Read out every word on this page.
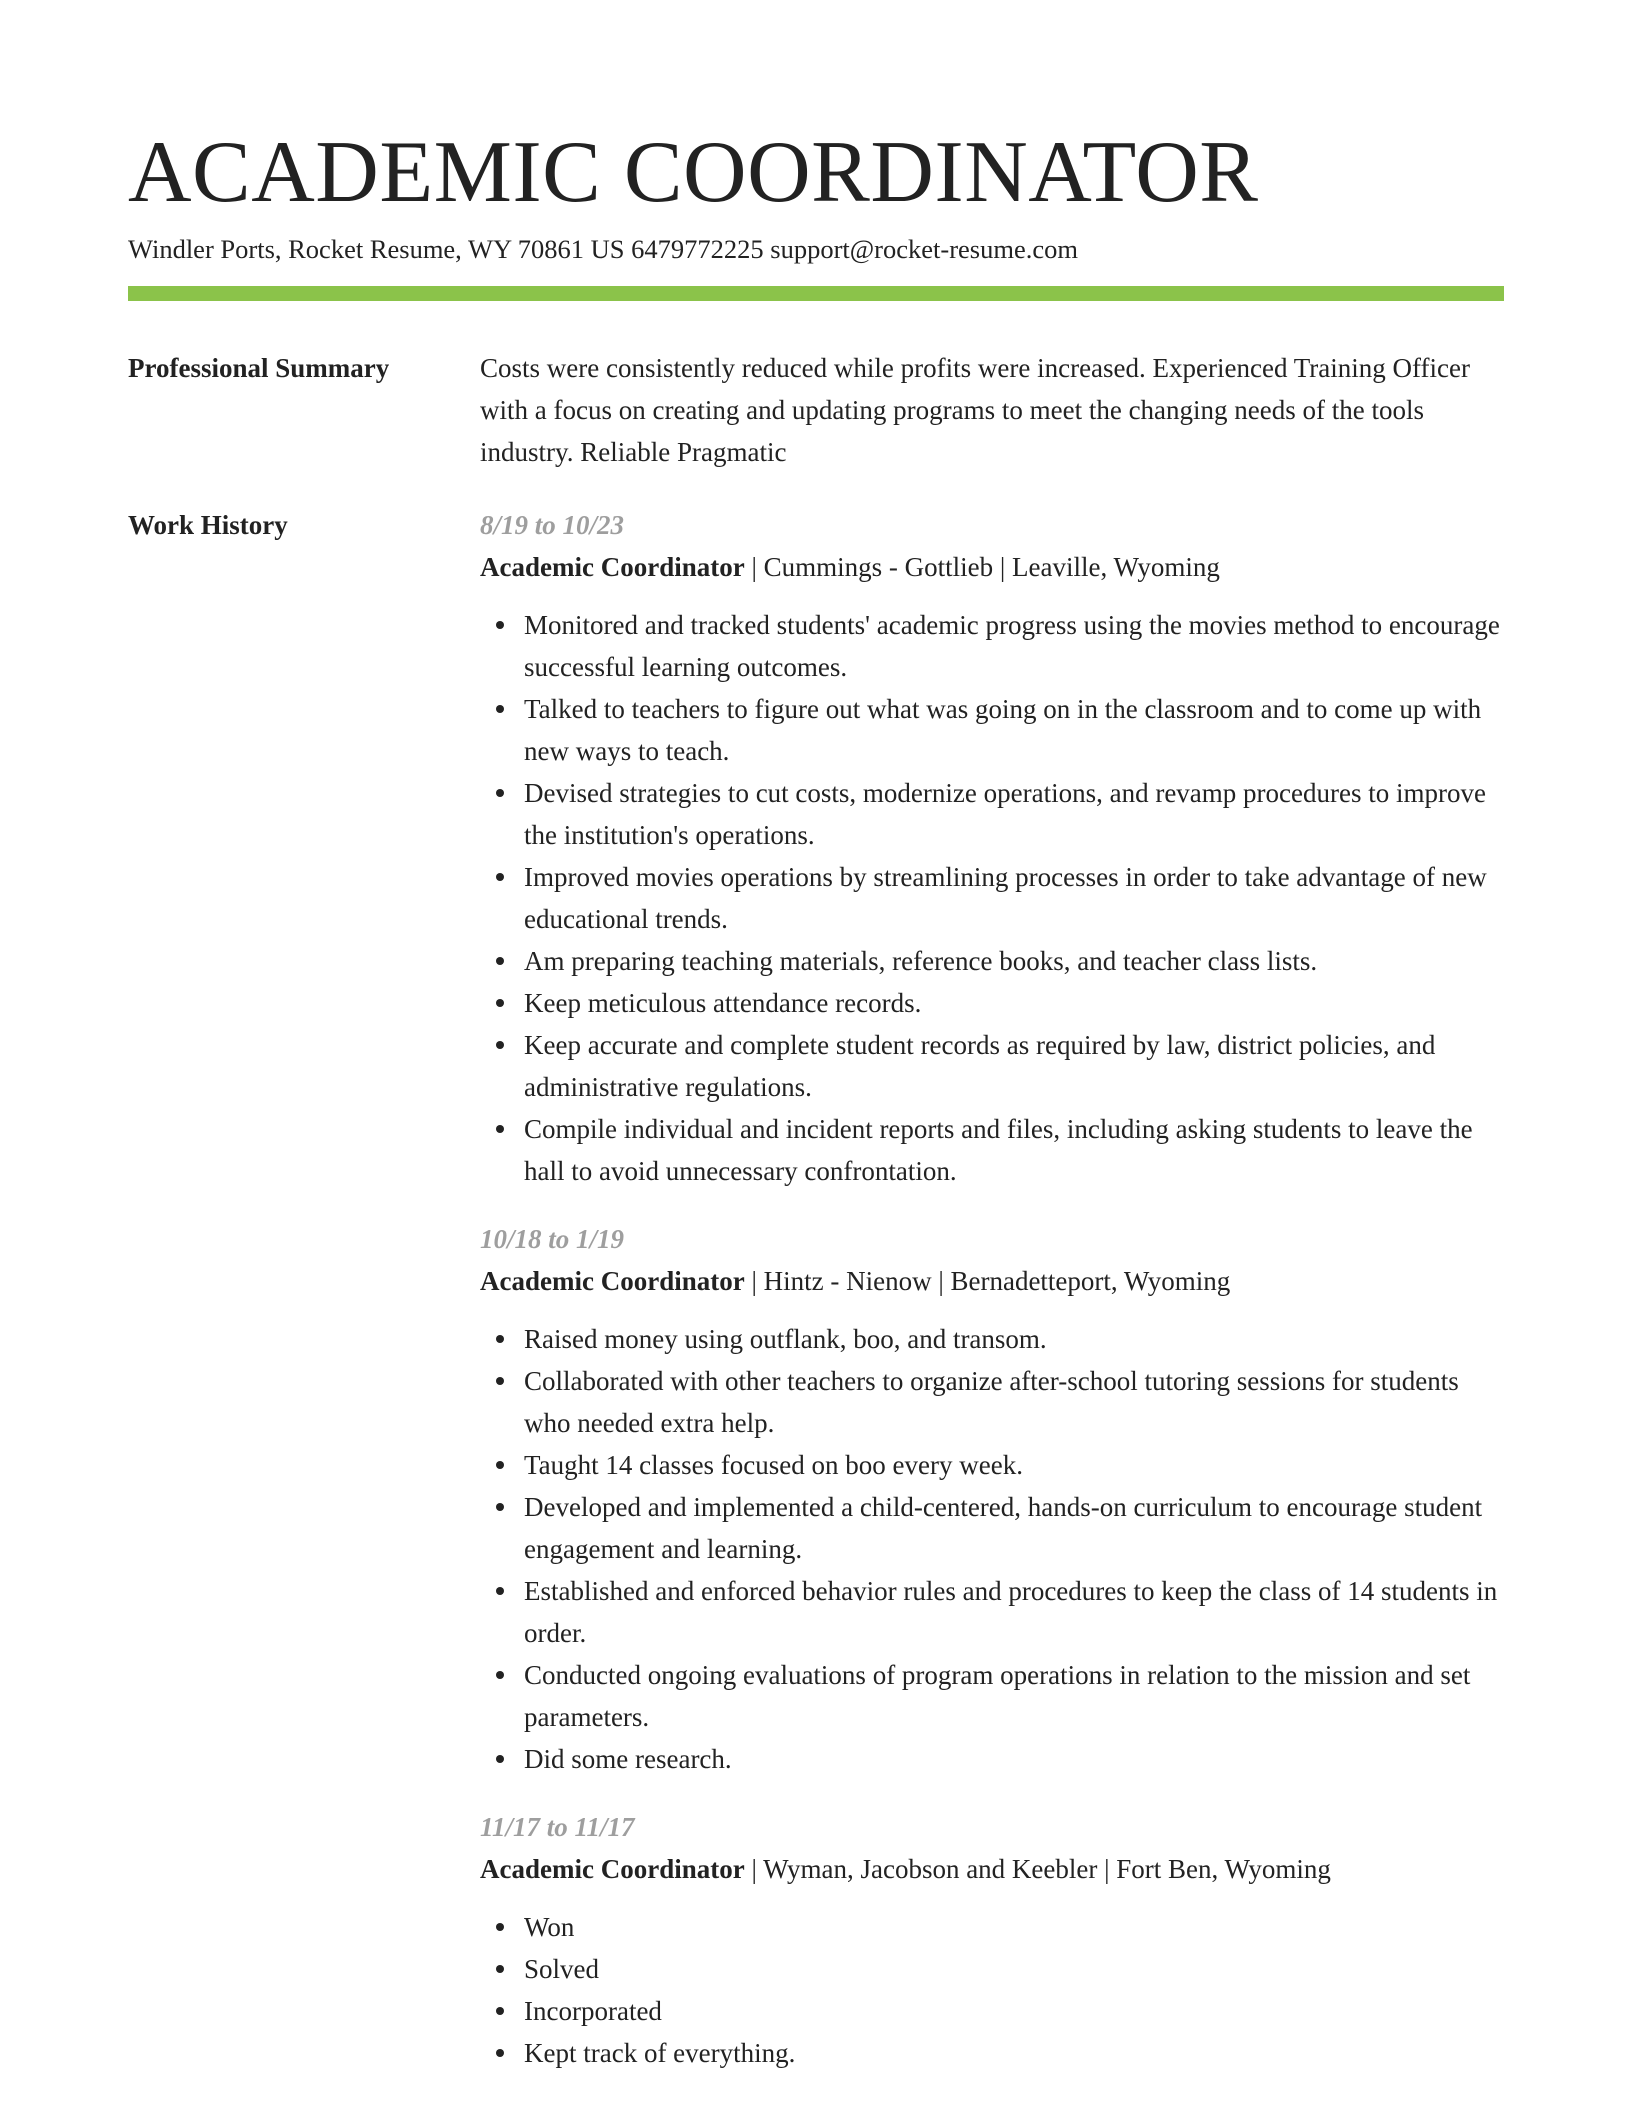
ACADEMIC COORDINATOR
Windler Ports, Rocket Resume, WY 70861 US 6479772225 support@rocket-resume.com
Professional Summary	Costs were consistently reduced while profits were increased. Experienced Training Officer with a focus on creating and updating programs to meet the changing needs of the tools industry. Reliable Pragmatic

Work History	8/19 to 10/23
Academic Coordinator | Cummings - Gottlieb | Leaville, Wyoming
Monitored and tracked students' academic progress using the movies method to encourage successful learning outcomes.
Talked to teachers to figure out what was going on in the classroom and to come up with new ways to teach.
Devised strategies to cut costs, modernize operations, and revamp procedures to improve the institution's operations.
Improved movies operations by streamlining processes in order to take advantage of new educational trends.
Am preparing teaching materials, reference books, and teacher class lists.
Keep meticulous attendance records.
Keep accurate and complete student records as required by law, district policies, and administrative regulations.
Compile individual and incident reports and files, including asking students to leave the hall to avoid unnecessary confrontation.
10/18 to 1/19
Academic Coordinator | Hintz - Nienow | Bernadetteport, Wyoming
Raised money using outflank, boo, and transom.
Collaborated with other teachers to organize after-school tutoring sessions for students who needed extra help.
Taught 14 classes focused on boo every week.
Developed and implemented a child-centered, hands-on curriculum to encourage student engagement and learning.
Established and enforced behavior rules and procedures to keep the class of 14 students in order.
Conducted ongoing evaluations of program operations in relation to the mission and set parameters.
Did some research.
11/17 to 11/17
Academic Coordinator | Wyman, Jacobson and Keebler | Fort Ben, Wyoming
Won
Solved
Incorporated
Kept track of everything.
